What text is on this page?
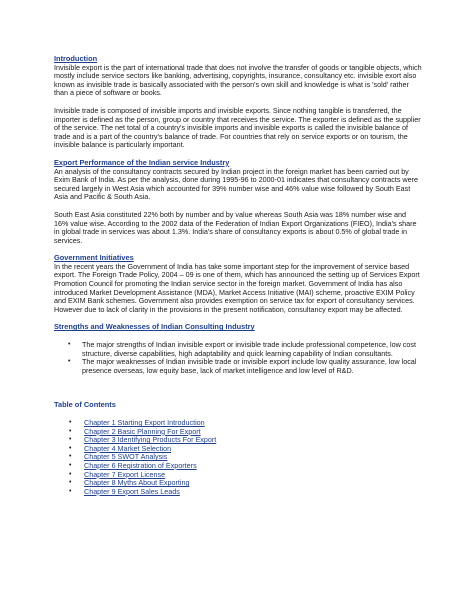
Introduction

Invisible export is the part of international trade that does not involve the transfer of goods or tangible objects, which mostly include service sectors like banking, advertising, copyrights, insurance, consultancy etc. invisible exort also known as invisible trade is basically associated with the person's own skill and knowledge is what is 'sold' rather than a piece of software or books.

Invisible trade is composed of invisible imports and invisible exports. Since nothing tangible is transferred, the importer is defined as the person, group or country that receives the service. The exporter is defined as the supplier of the service. The net total of a country's invisible imports and invisible exports is called the invisible balance of trade and is a part of the country's balance of trade. For countries that rely on service exports or on tourism, the invisible balance is particularly important.

Export Performance of the Indian service Industry

An analysis of the consultancy contracts secured by Indian project in the foreign market has been carried out by Exim Bank of India. As per the analysis, done during 1995-96 to 2000-01 indicates that consultancy contracts were secured largely in West Asia which accounted for 39% number wise and 46% value wise followed by South East Asia and Pacific & South Asia.

South East Asia constituted 22% both by number and by value whereas South Asia was 18% number wise and 16% value wise. According to the 2002 data of the Federation of Indian Export Organizations (FIEO), India's share in global trade in services was about 1.3%. India's share of consultancy exports is about 0.5% of global trade in services.

Government Initiatives

In the recent years the Government of India has take some important step for the improvement of service based export. The Foreign Trade Policy, 2004 – 09 is one of them, which has announced the setting up of Services Export Promotion Council for promoting the Indian service sector in the foreign market. Government of India has also introduced Market Development Assistance (MDA), Market Access Initiative (MAI) scheme, proactive EXIM Policy and EXIM Bank schemes. Government also provides exemption on service tax for export of consultancy services. However due to lack of clarity in the provisions in the present notification, consultancy export may be affected.

Strengths and Weaknesses of Indian Consulting Industry
• The major strengths of Indian invisible export or invisible trade include professional competence, low cost structure, diverse capabilities, high adaptability and quick learning capability of Indian consultants.
• The major weaknesses of Indian invisible trade or invisible export include low quality assurance, low local presence overseas, low equity base, lack of market intelligence and low level of R&D.
Table of Contents
• Chapter 1 Starting Export Introduction
• Chapter 2 Basic Planning For Export
• Chapter 3 Identifying Products For Export
• Chapter 4 Market Selection
• Chapter 5 SWOT Analysis
• Chapter 6 Registration of Exporters
• Chapter 7 Export License
• Chapter 8 Myths About Exporting
• Chapter 9 Export Sales Leads
